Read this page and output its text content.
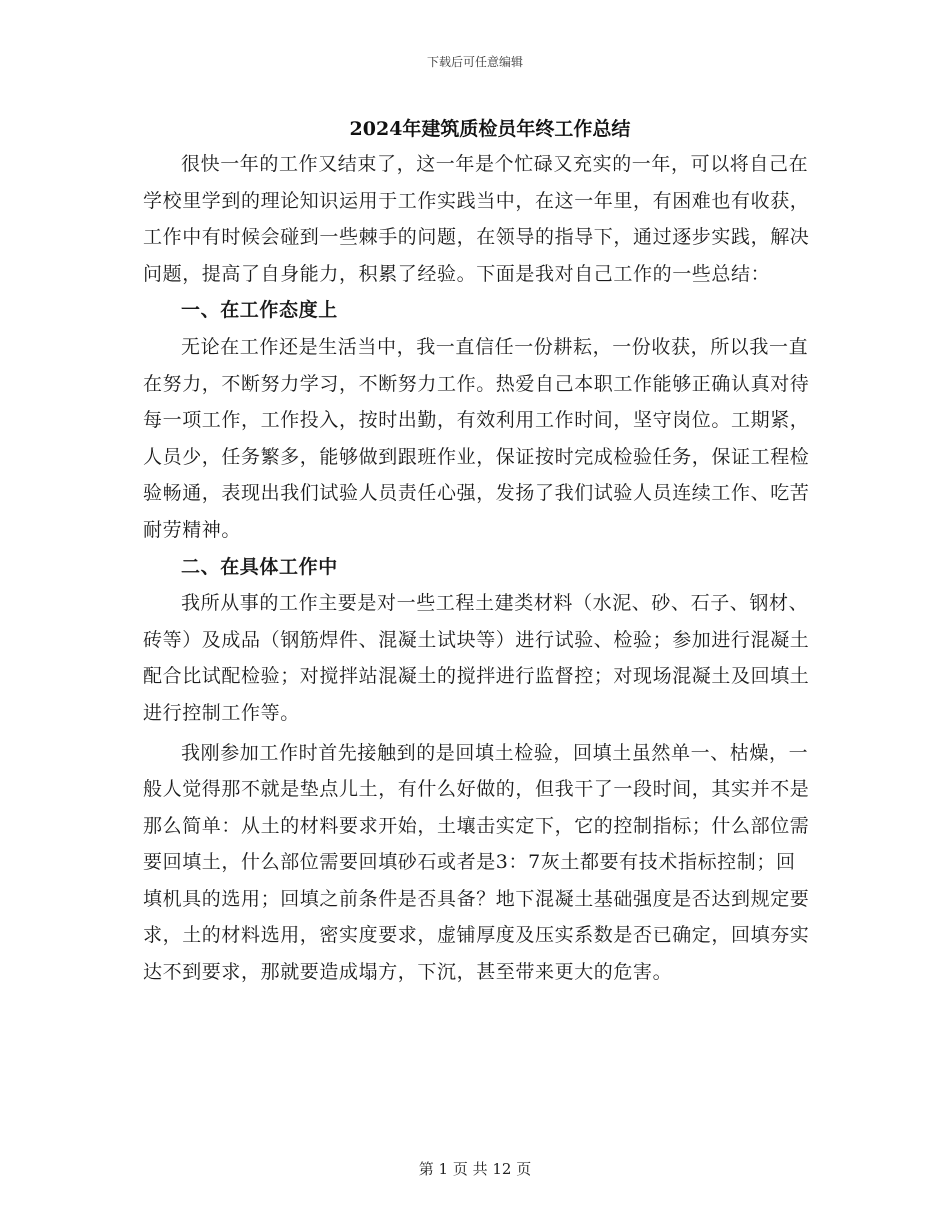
下载后可任意编辑
2024年建筑质检员年终工作总结

很快一年的工作又结束了，这一年是个忙碌又充实的一年，可以将自己在学校里学到的理论知识运用于工作实践当中，在这一年里，有困难也有收获，工作中有时候会碰到一些棘手的问题，在领导的指导下，通过逐步实践，解决问题，提高了自身能力，积累了经验。下面是我对自己工作的一些总结：

一、在工作态度上

无论在工作还是生活当中，我一直信任一份耕耘，一份收获，所以我一直在努力，不断努力学习，不断努力工作。热爱自己本职工作能够正确认真对待每一项工作，工作投入，按时出勤，有效利用工作时间，坚守岗位。工期紧，人员少，任务繁多，能够做到跟班作业，保证按时完成检验任务，保证工程检验畅通，表现出我们试验人员责任心强，发扬了我们试验人员连续工作、吃苦耐劳精神。

二、在具体工作中

我所从事的工作主要是对一些工程土建类材料（水泥、砂、石子、钢材、砖等）及成品（钢筋焊件、混凝土试块等）进行试验、检验；参加进行混凝土配合比试配检验；对搅拌站混凝土的搅拌进行监督控；对现场混凝土及回填土进行控制工作等。

我刚参加工作时首先接触到的是回填土检验，回填土虽然单一、枯燥，一般人觉得那不就是垫点儿土，有什么好做的，但我干了一段时间，其实并不是那么简单：从土的材料要求开始，土壤击实定下，它的控制指标；什么部位需要回填土，什么部位需要回填砂石或者是3：7灰土都要有技术指标控制；回填机具的选用；回填之前条件是否具备？地下混凝土基础强度是否达到规定要求，土的材料选用，密实度要求，虚铺厚度及压实系数是否已确定，回填夯实达不到要求，那就要造成塌方，下沉，甚至带来更大的危害。

第 1 页 共 12 页
